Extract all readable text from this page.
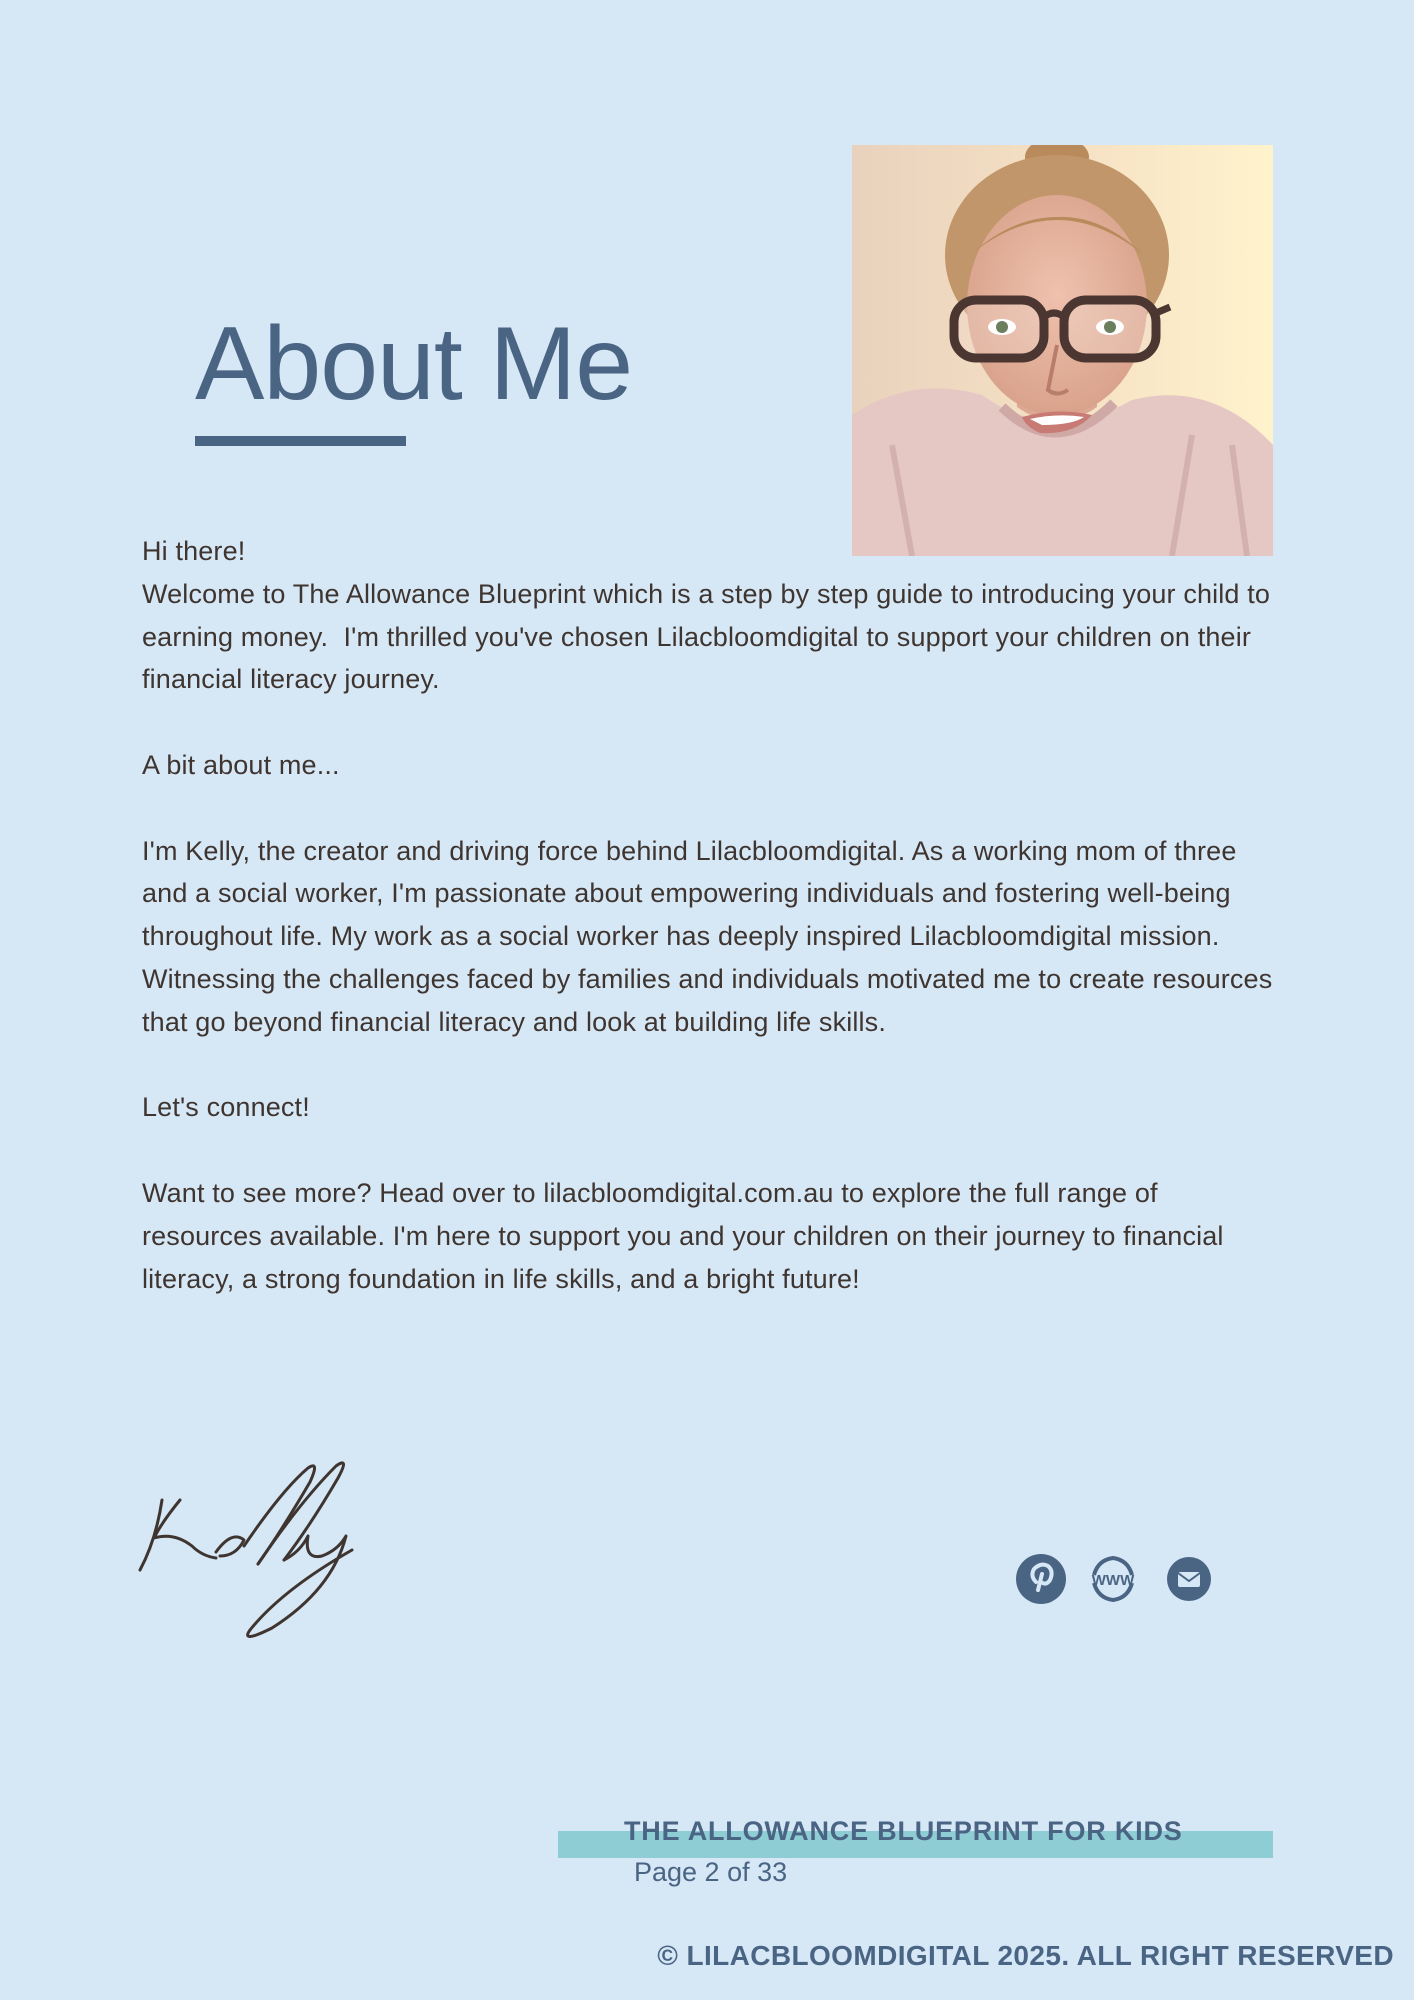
About Me

Hi there!

Welcome to The Allowance Blueprint which is a step by step guide to introducing your child to earning money.  I'm thrilled you've chosen Lilacbloomdigital to support your children on their financial literacy journey.

A bit about me...

I'm Kelly, the creator and driving force behind Lilacbloomdigital. As a working mom of three and a social worker, I'm passionate about empowering individuals and fostering well-being throughout life. My work as a social worker has deeply inspired Lilacbloomdigital mission. Witnessing the challenges faced by families and individuals motivated me to create resources that go beyond financial literacy and look at building life skills.

Let's connect!

Want to see more? Head over to lilacbloomdigital.com.au to explore the full range of resources available. I'm here to support you and your children on their journey to financial literacy, a strong foundation in life skills, and a bright future!

WWW
THE ALLOWANCE BLUEPRINT FOR KIDS
Page 2 of 33
© LILACBLOOMDIGITAL 2025. ALL RIGHT RESERVED
